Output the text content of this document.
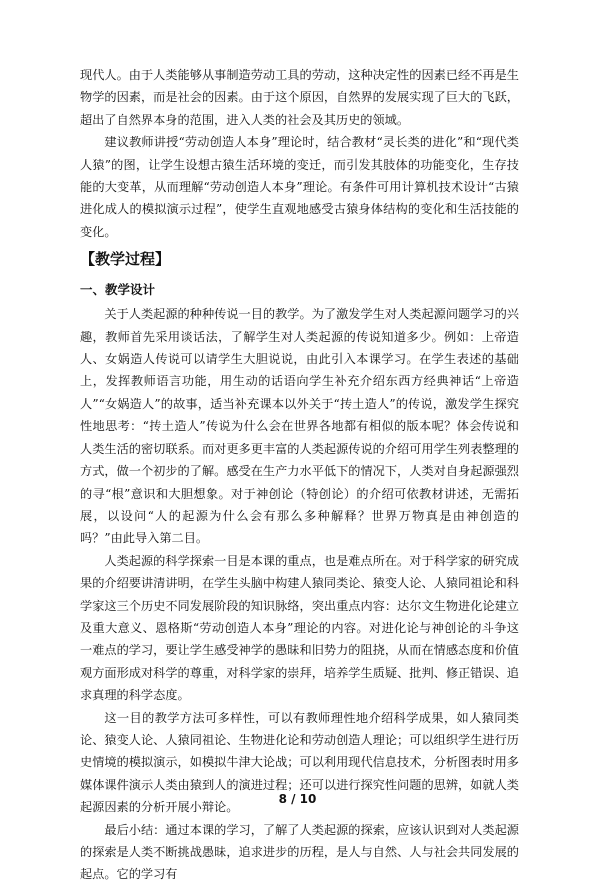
现代人。由于人类能够从事制造劳动工具的劳动，这种决定性的因素已经不再是生物学的因素，而是社会的因素。由于这个原因，自然界的发展实现了巨大的飞跃，超出了自然界本身的范围，进入人类的社会及其历史的领域。

建议教师讲授“劳动创造人本身”理论时，结合教材“灵长类的进化”和“现代类人猿”的图，让学生设想古猿生活环境的变迁，而引发其肢体的功能变化，生存技能的大变革，从而理解“劳动创造人本身”理论。有条件可用计算机技术设计“古猿进化成人的模拟演示过程”，使学生直观地感受古猿身体结构的变化和生活技能的变化。

【教学过程】
一、教学设计

关于人类起源的种种传说一目的教学。为了激发学生对人类起源问题学习的兴趣，教师首先采用谈话法，了解学生对人类起源的传说知道多少。例如：上帝造人、女娲造人传说可以请学生大胆说说，由此引入本课学习。在学生表述的基础上，发挥教师语言功能，用生动的话语向学生补充介绍东西方经典神话“上帝造人”“女娲造人”的故事，适当补充课本以外关于“抟土造人”的传说，激发学生探究性地思考：“抟土造人”传说为什么会在世界各地都有相似的版本呢？体会传说和人类生活的密切联系。而对更多更丰富的人类起源传说的介绍可用学生列表整理的方式，做一个初步的了解。感受在生产力水平低下的情况下，人类对自身起源强烈的寻“根”意识和大胆想象。对于神创论（特创论）的介绍可依教材讲述，无需拓展，以设问“人的起源为什么会有那么多种解释？世界万物真是由神创造的吗？”由此导入第二目。

人类起源的科学探索一目是本课的重点，也是难点所在。对于科学家的研究成果的介绍要讲清讲明，在学生头脑中构建人猿同类论、猿变人论、人猿同祖论和科学家这三个历史不同发展阶段的知识脉络，突出重点内容：达尔文生物进化论建立及重大意义、恩格斯“劳动创造人本身”理论的内容。对进化论与神创论的斗争这一难点的学习，要让学生感受神学的愚昧和旧势力的阻挠，从而在情感态度和价值观方面形成对科学的尊重，对科学家的崇拜，培养学生质疑、批判、修正错误、追求真理的科学态度。

这一目的教学方法可多样性，可以有教师理性地介绍科学成果，如人猿同类论、猿变人论、人猿同祖论、生物进化论和劳动创造人理论；可以组织学生进行历史情境的模拟演示，如模拟牛津大论战；可以利用现代信息技术，分析图表时用多媒体课件演示人类由猿到人的演进过程；还可以进行探究性问题的思辨，如就人类起源因素的分析开展小辩论。

最后小结：通过本课的学习，了解了人类起源的探索，应该认识到对人类起源的探索是人类不断挑战愚昧，追求进步的历程，是人与自然、人与社会共同发展的起点。它的学习有

8 / 10
